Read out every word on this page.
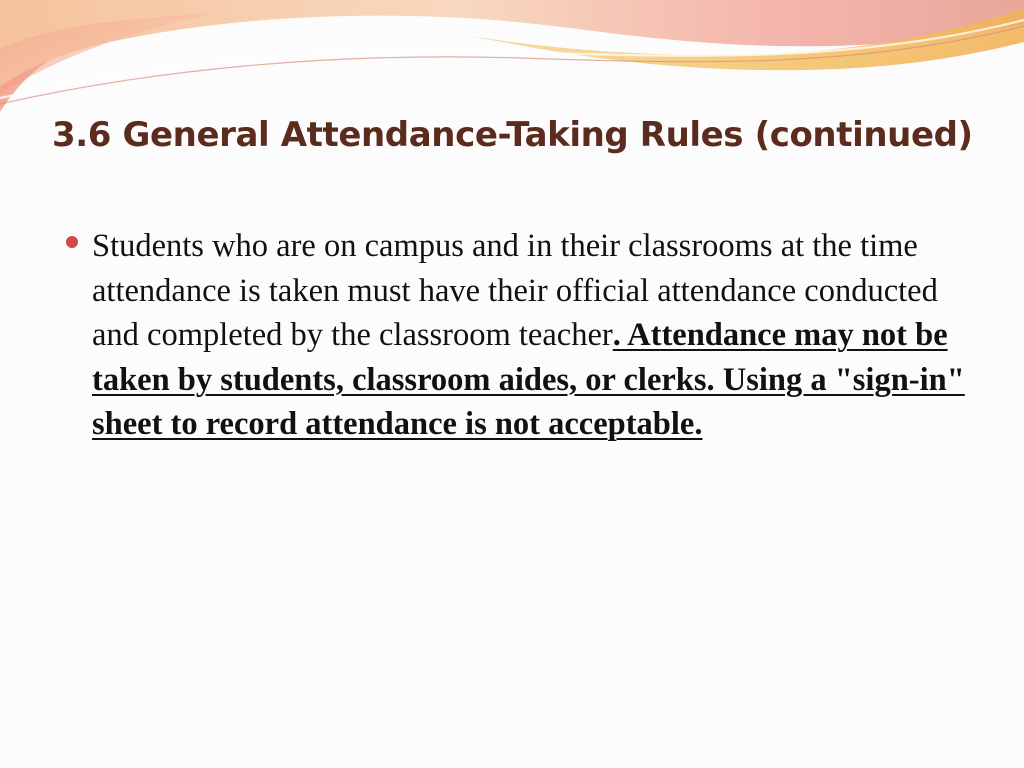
3.6 General Attendance-Taking Rules (continued)
Students who are on campus and in their classrooms at the time attendance is taken must have their official attendance conducted and completed by the classroom teacher. Attendance may not be taken by students, classroom aides, or clerks. Using a "sign-in" sheet to record attendance is not acceptable.
